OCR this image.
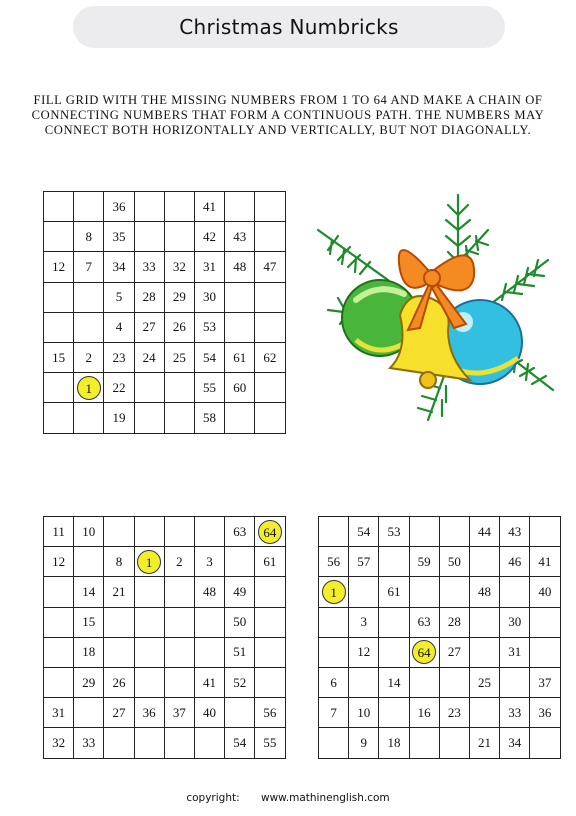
Christmas Numbricks
FILL GRID WITH THE MISSING NUMBERS FROM 1 TO 64 AND MAKE A CHAIN OF CONNECTING NUMBERS THAT FORM A CONTINUOUS PATH. THE NUMBERS MAY CONNECT BOTH HORIZONTALLY AND VERTICALLY, BUT NOT DIAGONALLY.
		36			41		
	8	35			42	43	
12	7	34	33	32	31	48	47
		5	28	29	30		
		4	27	26	53		
15	2	23	24	25	54	61	62
	1	22			55	60	
		19			58		
11	10					63	64
12		8	1	2	3		61
	14	21			48	49	
	15					50	
	18					51	
	29	26			41	52	
31		27	36	37	40		56
32	33					54	55
	54	53			44	43	
56	57		59	50		46	41
1		61			48		40
	3		63	28		30	
	12		64	27		31	
6		14			25		37
7	10		16	23		33	36
	9	18			21	34	
copyright: www.mathinenglish.com
